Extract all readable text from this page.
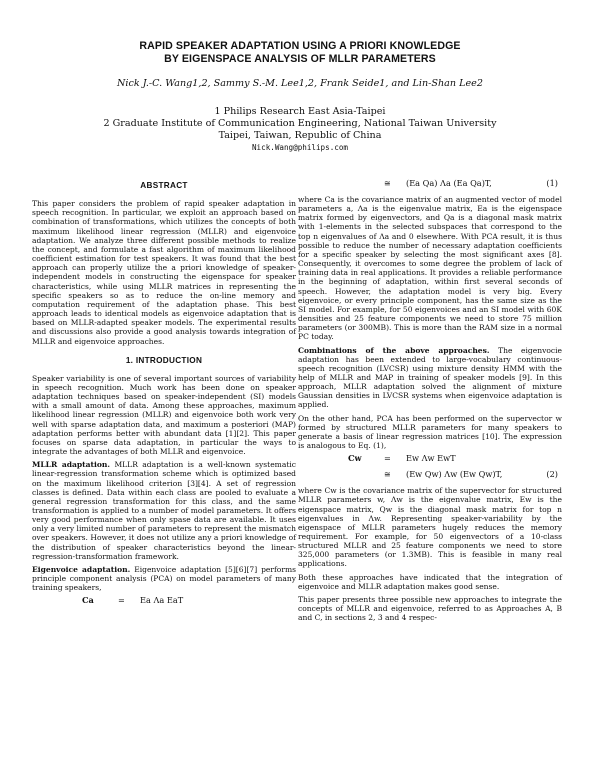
RAPID SPEAKER ADAPTATION USING A PRIORI KNOWLEDGE
BY EIGENSPACE ANALYSIS OF MLLR PARAMETERS
Nick J.-C. Wang1,2, Sammy S.-M. Lee1,2, Frank Seide1, and Lin-Shan Lee2
1 Philips Research East Asia-Taipei
2 Graduate Institute of Communication Engineering, National Taiwan University
Taipei, Taiwan, Republic of China
Nick.Wang@philips.com
ABSTRACT

This paper considers the problem of rapid speaker adaptation in speech recognition. In particular, we exploit an approach based on combination of transformations, which utilizes the concepts of both maximum likelihood linear regression (MLLR) and eigenvoice adaptation. We analyze three different possible methods to realize the concept, and formulate a fast algorithm of maximum likelihood coefficient estimation for test speakers. It was found that the best approach can properly utilize the a priori knowledge of speaker-independent models in constructing the eigenspace for speaker characteristics, while using MLLR matrices in representing the specific speakers so as to reduce the on-line memory and computation requirement of the adaptation phase. This best approach leads to identical models as eigenvoice adaptation that is based on MLLR-adapted speaker models. The experimental results and discussions also provide a good analysis towards integration of MLLR and eigenvoice approaches.

1. INTRODUCTION

Speaker variability is one of several important sources of variability in speech recognition. Much work has been done on speaker adaptation techniques based on speaker-independent (SI) models with a small amount of data. Among these approaches, maximum likelihood linear regression (MLLR) and eigenvoice both work very well with sparse adaptation data, and maximum a posteriori (MAP) adaptation performs better with abundant data [1][2]. This paper focuses on sparse data adaptation, in particular the ways to integrate the advantages of both MLLR and eigenvoice.

MLLR adaptation. MLLR adaptation is a well-known systematic linear-regression transformation scheme which is optimized based on the maximum likelihood criterion [3][4]. A set of regression classes is defined. Data within each class are pooled to evaluate a general regression transformation for this class, and the same transformation is applied to a number of model parameters. It offers very good performance when only spase data are available. It uses only a very limited number of parameters to represent the mismatch over speakers. However, it does not utilize any a priori knowledge of the distribution of speaker characteristics beyond the linear-regression-transformation framework.

Eigenvoice adaptation. Eigenvoice adaptation [5][6][7] performs principle component analysis (PCA) on model parameters of many training speakers,

Ca	= Ea Λa EaT
≅ (Ea Qa) Λa (Ea Qa)T,	(1)

where Ca is the covariance matrix of an augmented vector of model parameters a, Λa is the eigenvalue matrix, Ea is the eigenspace matrix formed by eigenvectors, and Qa is a diagonal mask matrix with 1-elements in the selected subspaces that correspond to the top n eigenvalues of Λa and 0 elsewhere. With PCA result, it is thus possible to reduce the number of necessary adaptation coefficients for a specific speaker by selecting the most significant axes [8]. Consequently, it overcomes to some degree the problem of lack of training data in real applications. It provides a reliable performance in the beginning of adaptation, within first several seconds of speech. However, the adaptation model is very big. Every eigenvoice, or every principle component, has the same size as the SI model. For example, for 50 eigenvoices and an SI model with 60K densities and 25 feature components we need to store 75 million parameters (or 300MB). This is more than the RAM size in a normal PC today.

Combinations of the above approaches. The eigenvocie adaptation has been extended to large-vocabulary continuous-speech recognition (LVCSR) using mixture density HMM with the help of MLLR and MAP in training of speaker models [9]. In this approach, MLLR adaptation solved the alignment of mixture Gaussian densities in LVCSR systems when eigenvoice adaptation is applied.

On the other hand, PCA has been performed on the supervector w formed by structured MLLR parameters for many speakers to generate a basis of linear regression matrices [10]. The expression is analogous to Eq. (1),

Cw	= Ew Λw EwT
≅ (Ew Qw) Λw (Ew Qw)T,	(2)

where Cw is the covariance matrix of the supervector for structured MLLR parameters w, Λw is the eigenvalue matrix, Ew is the eigenspace matrix, Qw is the diagonal mask matrix for top n eigenvalues in Λw. Representing speaker-variability by the eigenspace of MLLR parameters hugely reduces the memory requirement. For example, for 50 eigenvectors of a 10-class structured MLLR and 25 feature components we need to store 325,000 parameters (or 1.3MB). This is feasible in many real applications.

Both these approaches have indicated that the integration of eigenvoice and MLLR adaptation makes good sense.

This paper presents three possible new approaches to integrate the concepts of MLLR and eigenvoice, referred to as Approaches A, B and C, in sections 2, 3 and 4 respec-
